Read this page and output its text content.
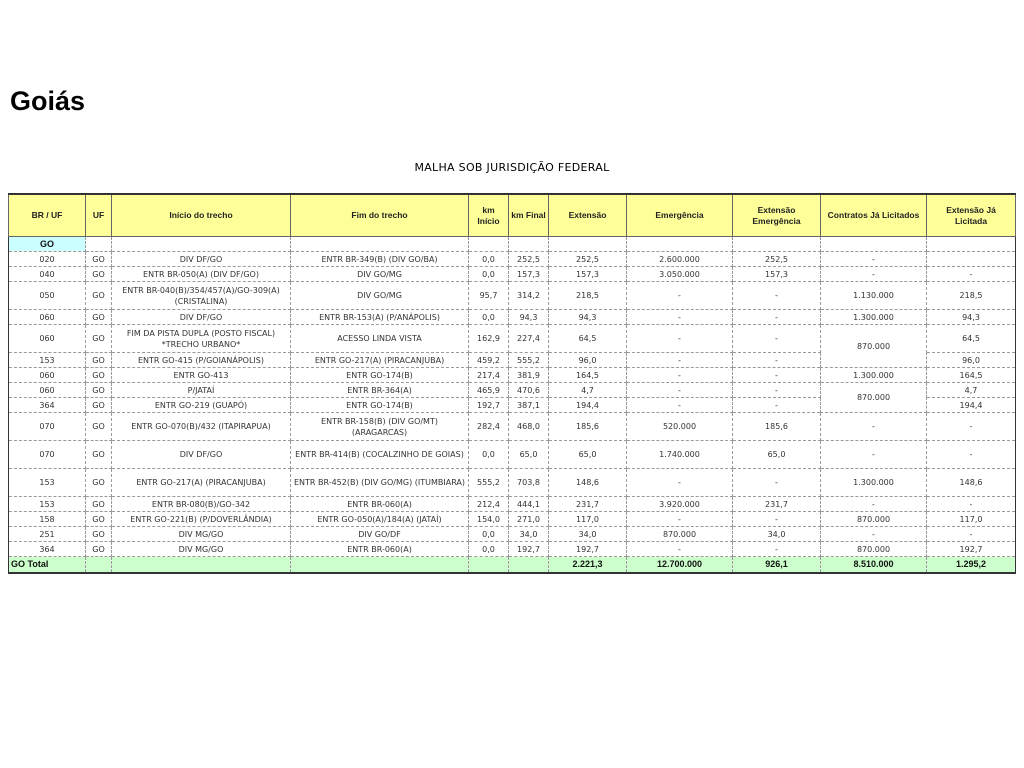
Goiás
MALHA SOB JURISDIÇÃO FEDERAL
BR / UF	UF	Início do trecho	Fim do trecho	km Início	km Final	Extensão	Emergência	Extensão Emergência	Contratos Já Licitados	Extensão Já Licitada
GO										
020	GO	DIV DF/GO	ENTR BR-349(B) (DIV GO/BA)	0,0	252,5	252,5	2.600.000	252,5	-	
040	GO	ENTR BR-050(A) (DIV DF/GO)	DIV GO/MG	0,0	157,3	157,3	3.050.000	157,3	-	-
050	GO	ENTR BR-040(B)/354/457(A)/GO-309(A) (CRISTALINA)	DIV GO/MG	95,7	314,2	218,5	-	-	1.130.000	218,5
060	GO	DIV DF/GO	ENTR BR-153(A) (P/ANÁPOLIS)	0,0	94,3	94,3	-	-	1.300.000	94,3
060	GO	FIM DA PISTA DUPLA (POSTO FISCAL) *TRECHO URBANO*	ACESSO LINDA VISTA	162,9	227,4	64,5	-	-	870.000	64,5
153	GO	ENTR GO-415 (P/GOIANÁPOLIS)	ENTR GO-217(A) (PIRACANJUBA)	459,2	555,2	96,0	-	-		96,0
060	GO	ENTR GO-413	ENTR GO-174(B)	217,4	381,9	164,5	-	-	1.300.000	164,5
060	GO	P/JATAÍ	ENTR BR-364(A)	465,9	470,6	4,7	-	-	870.000	4,7
364	GO	ENTR GO-219 (GUAPÓ)	ENTR GO-174(B)	192,7	387,1	194,4	-	-		194,4
070	GO	ENTR GO-070(B)/432 (ITAPIRAPUA)	ENTR BR-158(B) (DIV GO/MT) (ARAGARCAS)	282,4	468,0	185,6	520.000	185,6	-	-
070	GO	DIV DF/GO	ENTR BR-414(B) (COCALZINHO DE GOIAS)	0,0	65,0	65,0	1.740.000	65,0	-	-
153	GO	ENTR GO-217(A) (PIRACANJUBA)	ENTR BR-452(B) (DIV GO/MG) (ITUMBIARA)	555,2	703,8	148,6	-	-	1.300.000	148,6
153	GO	ENTR BR-080(B)/GO-342	ENTR BR-060(A)	212,4	444,1	231,7	3.920.000	231,7	-	-
158	GO	ENTR GO-221(B) (P/DOVERLÂNDIA)	ENTR GO-050(A)/184(A) (JATAÍ)	154,0	271,0	117,0	-	-	870.000	117,0
251	GO	DIV MG/GO	DIV GO/DF	0,0	34,0	34,0	870.000	34,0	-	-
364	GO	DIV MG/GO	ENTR BR-060(A)	0,0	192,7	192,7	-	-	870.000	192,7
GO Total						2.221,3	12.700.000	926,1	8.510.000	1.295,2
